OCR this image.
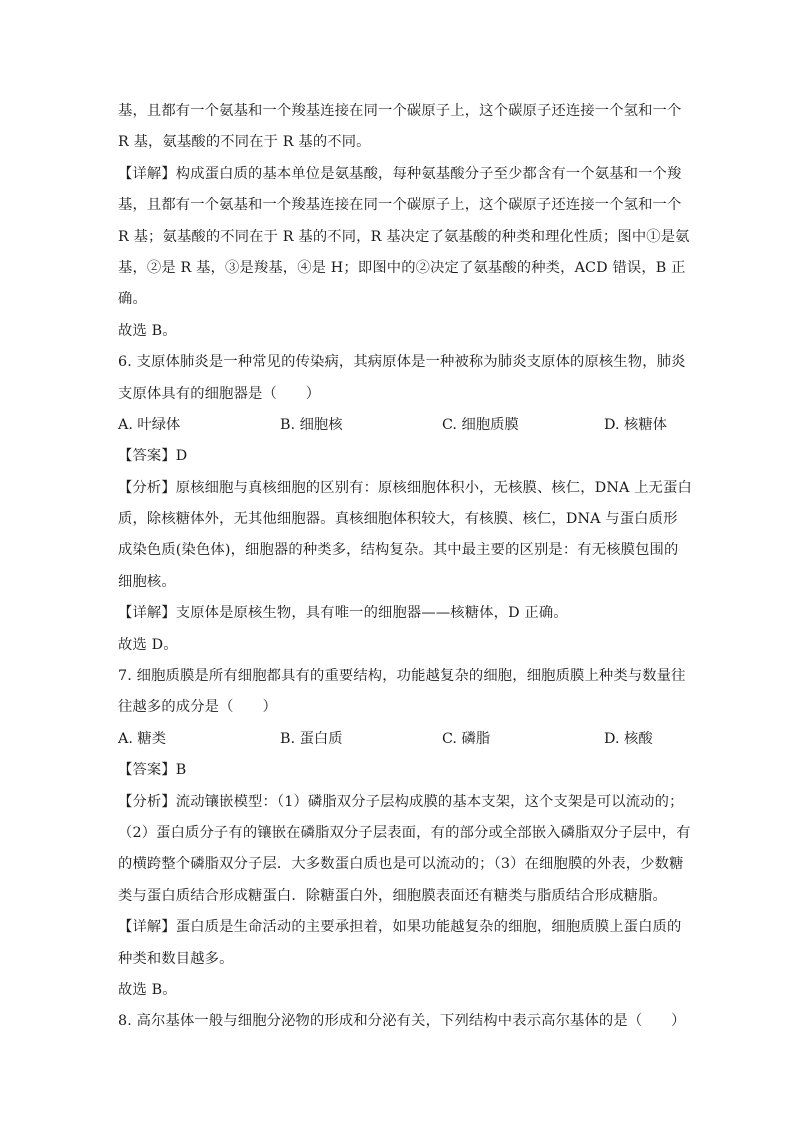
基，且都有一个氨基和一个羧基连接在同一个碳原子上，这个碳原子还连接一个氢和一个
R 基，氨基酸的不同在于 R 基的不同。
【详解】构成蛋白质的基本单位是氨基酸，每种氨基酸分子至少都含有一个氨基和一个羧
基，且都有一个氨基和一个羧基连接在同一个碳原子上，这个碳原子还连接一个氢和一个
R 基；氨基酸的不同在于 R 基的不同，R 基决定了氨基酸的种类和理化性质；图中①是氨
基，②是 R 基，③是羧基，④是 H；即图中的②决定了氨基酸的种类，ACD 错误，B 正
确。
故选 B。
6. 支原体肺炎是一种常见的传染病，其病原体是一种被称为肺炎支原体的原核生物，肺炎
支原体具有的细胞器是（　　）
A. 叶绿体	B. 细胞核	C. 细胞质膜	D. 核糖体
【答案】D
【分析】原核细胞与真核细胞的区别有：原核细胞体积小，无核膜、核仁，DNA 上无蛋白
质，除核糖体外，无其他细胞器。真核细胞体积较大，有核膜、核仁，DNA 与蛋白质形
成染色质(染色体)，细胞器的种类多，结构复杂。其中最主要的区别是：有无核膜包围的
细胞核。
【详解】支原体是原核生物，具有唯一的细胞器——核糖体，D 正确。
故选 D。
7. 细胞质膜是所有细胞都具有的重要结构，功能越复杂的细胞，细胞质膜上种类与数量往
往越多的成分是（　　）
A. 糖类	B. 蛋白质	C. 磷脂	D. 核酸
【答案】B
【分析】流动镶嵌模型：（1）磷脂双分子层构成膜的基本支架，这个支架是可以流动的；
（2）蛋白质分子有的镶嵌在磷脂双分子层表面，有的部分或全部嵌入磷脂双分子层中，有
的横跨整个磷脂双分子层．大多数蛋白质也是可以流动的；（3）在细胞膜的外表，少数糖
类与蛋白质结合形成糖蛋白．除糖蛋白外，细胞膜表面还有糖类与脂质结合形成糖脂。
【详解】蛋白质是生命活动的主要承担着，如果功能越复杂的细胞，细胞质膜上蛋白质的
种类和数目越多。
故选 B。
8. 高尔基体一般与细胞分泌物的形成和分泌有关，下列结构中表示高尔基体的是（　　）
